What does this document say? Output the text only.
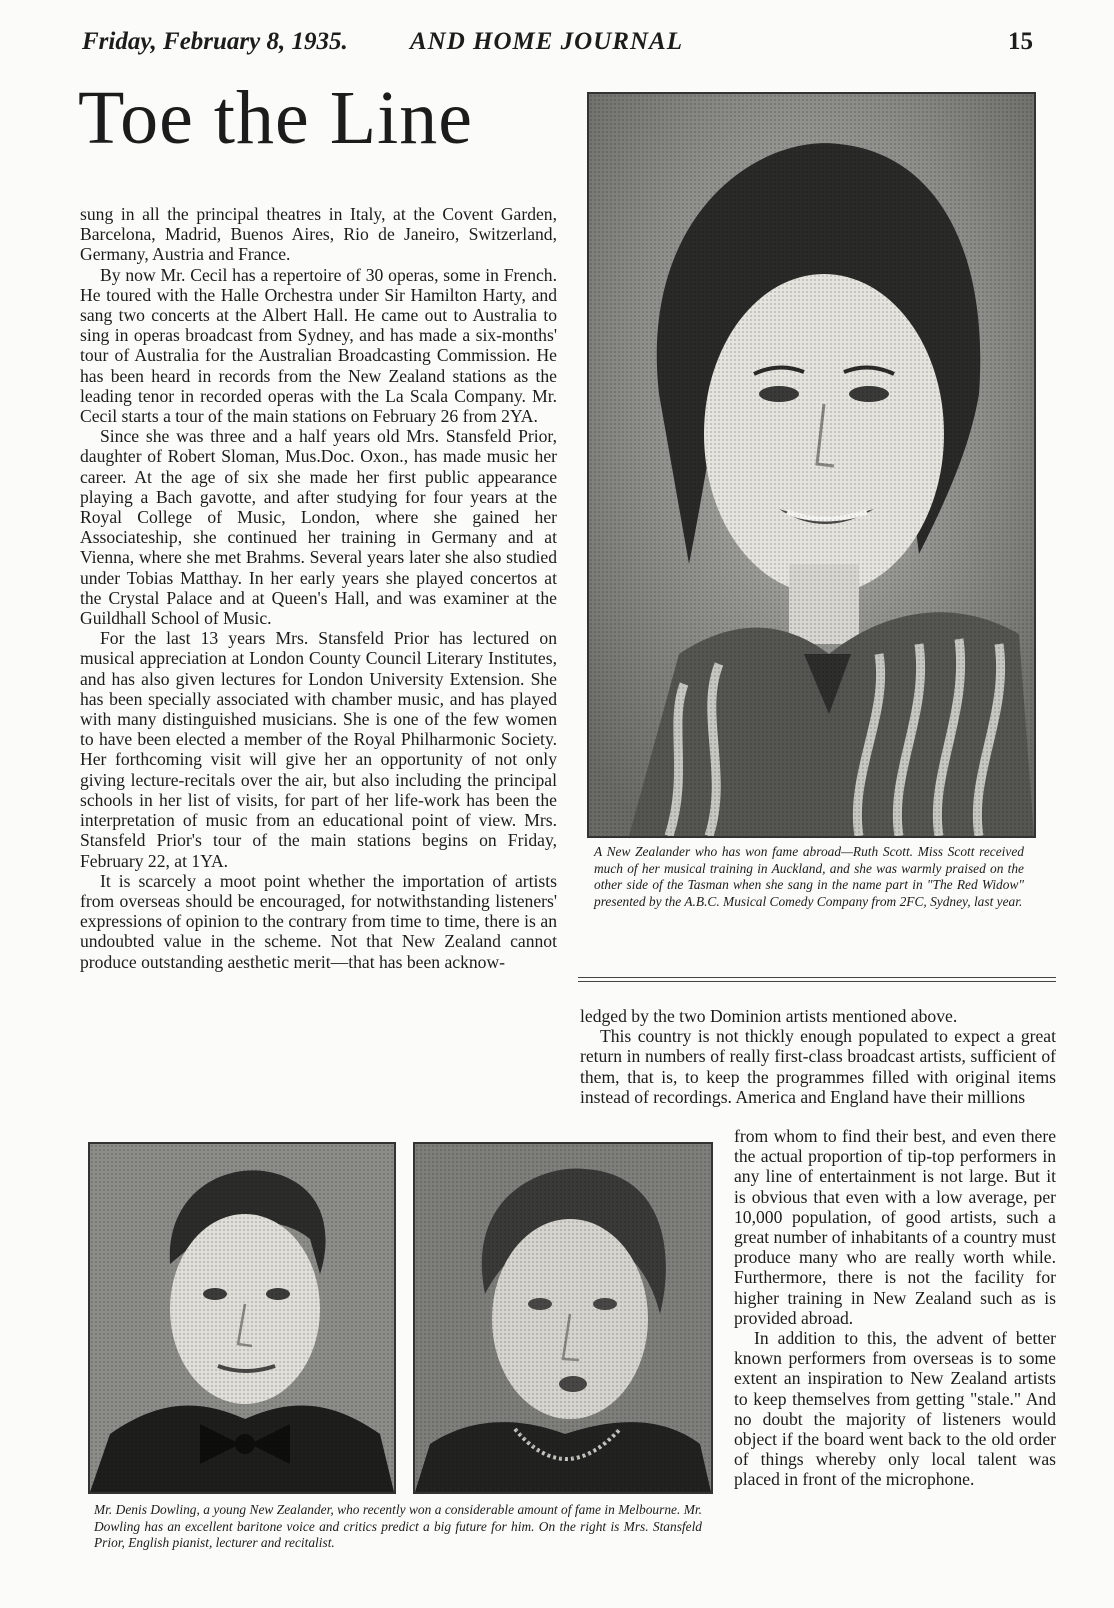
Friday, February 8, 1935. AND HOME JOURNAL	15
Toe the Line

sung in all the principal theatres in Italy, at the Covent Garden, Barcelona, Madrid, Buenos Aires, Rio de Janeiro, Switzerland, Germany, Austria and France.

By now Mr. Cecil has a repertoire of 30 operas, some in French. He toured with the Halle Orchestra under Sir Hamilton Harty, and sang two concerts at the Albert Hall. He came out to Australia to sing in operas broadcast from Sydney, and has made a six-months' tour of Australia for the Australian Broadcasting Commission. He has been heard in records from the New Zealand stations as the leading tenor in recorded operas with the La Scala Company. Mr. Cecil starts a tour of the main stations on February 26 from 2YA.

Since she was three and a half years old Mrs. Stansfeld Prior, daughter of Robert Sloman, Mus.Doc. Oxon., has made music her career. At the age of six she made her first public appearance playing a Bach gavotte, and after studying for four years at the Royal College of Music, London, where she gained her Associateship, she continued her training in Germany and at Vienna, where she met Brahms. Several years later she also studied under Tobias Matthay. In her early years she played concertos at the Crystal Palace and at Queen's Hall, and was examiner at the Guildhall School of Music.

For the last 13 years Mrs. Stansfeld Prior has lectured on musical appreciation at London County Council Literary Institutes, and has also given lectures for London University Extension. She has been specially associated with chamber music, and has played with many distinguished musicians. She is one of the few women to have been elected a member of the Royal Philharmonic Society. Her forthcoming visit will give her an opportunity of not only giving lecture-recitals over the air, but also including the principal schools in her list of visits, for part of her life-work has been the interpretation of music from an educational point of view. Mrs. Stansfeld Prior's tour of the main stations begins on Friday, February 22, at 1YA.

It is scarcely a moot point whether the importation of artists from overseas should be encouraged, for notwithstanding listeners' expressions of opinion to the contrary from time to time, there is an undoubted value in the scheme. Not that New Zealand cannot produce outstanding aesthetic merit—that has been acknow-

A New Zealander who has won fame abroad—Ruth Scott. Miss Scott received much of her musical training in Auckland, and she was warmly praised on the other side of the Tasman when she sang in the name part in "The Red Widow" presented by the A.B.C. Musical Comedy Company from 2FC, Sydney, last year.

ledged by the two Dominion artists mentioned above.

This country is not thickly enough populated to expect a great return in numbers of really first-class broadcast artists, sufficient of them, that is, to keep the programmes filled with original items instead of recordings. America and England have their millions

Mr. Denis Dowling, a young New Zealander, who recently won a considerable amount of fame in Melbourne. Mr. Dowling has an excellent baritone voice and critics predict a big future for him. On the right is Mrs. Stansfeld Prior, English pianist, lecturer and recitalist.

from whom to find their best, and even there the actual proportion of tip-top performers in any line of entertainment is not large. But it is obvious that even with a low average, per 10,000 population, of good artists, such a great number of inhabitants of a country must produce many who are really worth while. Furthermore, there is not the facility for higher training in New Zealand such as is provided abroad.

In addition to this, the advent of better known performers from overseas is to some extent an inspiration to New Zealand artists to keep themselves from getting "stale." And no doubt the majority of listeners would object if the board went back to the old order of things whereby only local talent was placed in front of the microphone.
